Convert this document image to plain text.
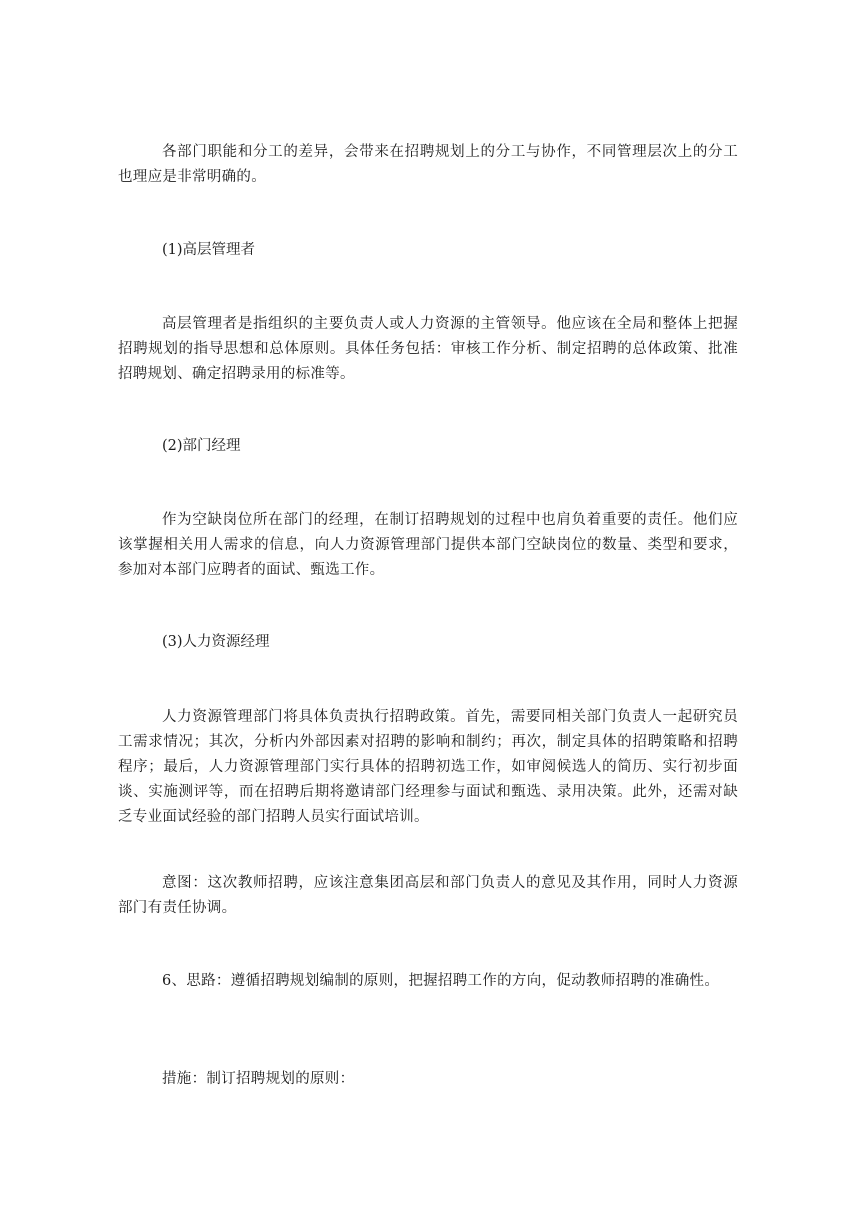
各部门职能和分工的差异，会带来在招聘规划上的分工与协作，不同管理层次上的分工也理应是非常明确的。

(1)高层管理者

高层管理者是指组织的主要负责人或人力资源的主管领导。他应该在全局和整体上把握招聘规划的指导思想和总体原则。具体任务包括：审核工作分析、制定招聘的总体政策、批准招聘规划、确定招聘录用的标准等。

(2)部门经理

作为空缺岗位所在部门的经理，在制订招聘规划的过程中也肩负着重要的责任。他们应该掌握相关用人需求的信息，向人力资源管理部门提供本部门空缺岗位的数量、类型和要求，参加对本部门应聘者的面试、甄选工作。

(3)人力资源经理

人力资源管理部门将具体负责执行招聘政策。首先，需要同相关部门负责人一起研究员工需求情况；其次，分析内外部因素对招聘的影响和制约；再次，制定具体的招聘策略和招聘程序；最后，人力资源管理部门实行具体的招聘初选工作，如审阅候选人的简历、实行初步面谈、实施测评等，而在招聘后期将邀请部门经理参与面试和甄选、录用决策。此外，还需对缺乏专业面试经验的部门招聘人员实行面试培训。

意图：这次教师招聘，应该注意集团高层和部门负责人的意见及其作用，同时人力资源部门有责任协调。

6、思路：遵循招聘规划编制的原则，把握招聘工作的方向，促动教师招聘的准确性。

措施：制订招聘规划的原则：
